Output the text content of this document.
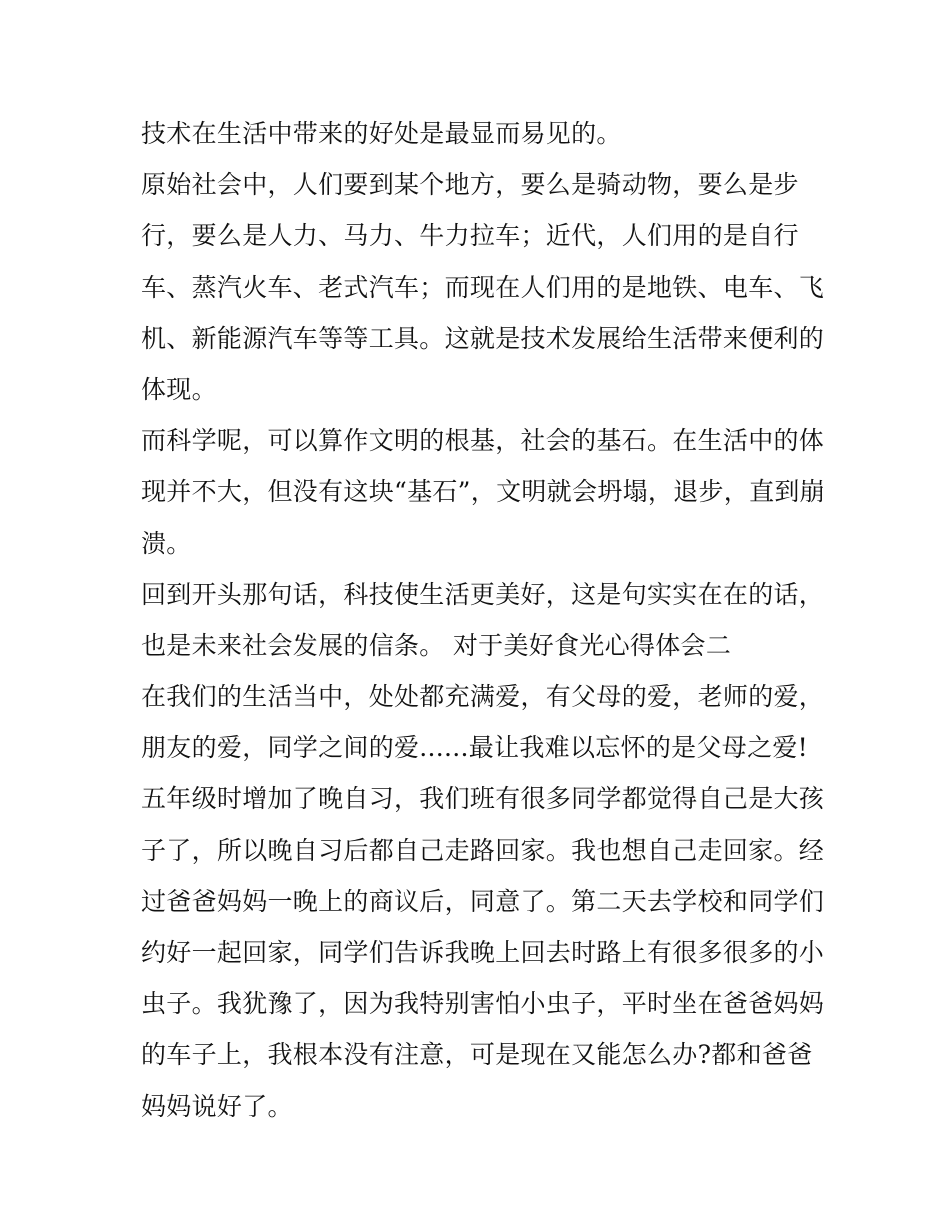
技术在生活中带来的好处是最显而易见的。
原始社会中，人们要到某个地方，要么是骑动物，要么是步
行，要么是人力、马力、牛力拉车；近代，人们用的是自行
车、蒸汽火车、老式汽车；而现在人们用的是地铁、电车、飞
机、新能源汽车等等工具。这就是技术发展给生活带来便利的
体现。
而科学呢，可以算作文明的根基，社会的基石。在生活中的体
现并不大，但没有这块“基石”，文明就会坍塌，退步，直到崩
溃。
回到开头那句话，科技使生活更美好，这是句实实在在的话，
也是未来社会发展的信条。 对于美好食光心得体会二
在我们的生活当中，处处都充满爱，有父母的爱，老师的爱，
朋友的爱，同学之间的爱......最让我难以忘怀的是父母之爱!
五年级时增加了晚自习，我们班有很多同学都觉得自己是大孩
子了，所以晚自习后都自己走路回家。我也想自己走回家。经
过爸爸妈妈一晚上的商议后，同意了。第二天去学校和同学们
约好一起回家，同学们告诉我晚上回去时路上有很多很多的小
虫子。我犹豫了，因为我特别害怕小虫子，平时坐在爸爸妈妈
的车子上，我根本没有注意，可是现在又能怎么办?都和爸爸
妈妈说好了。
